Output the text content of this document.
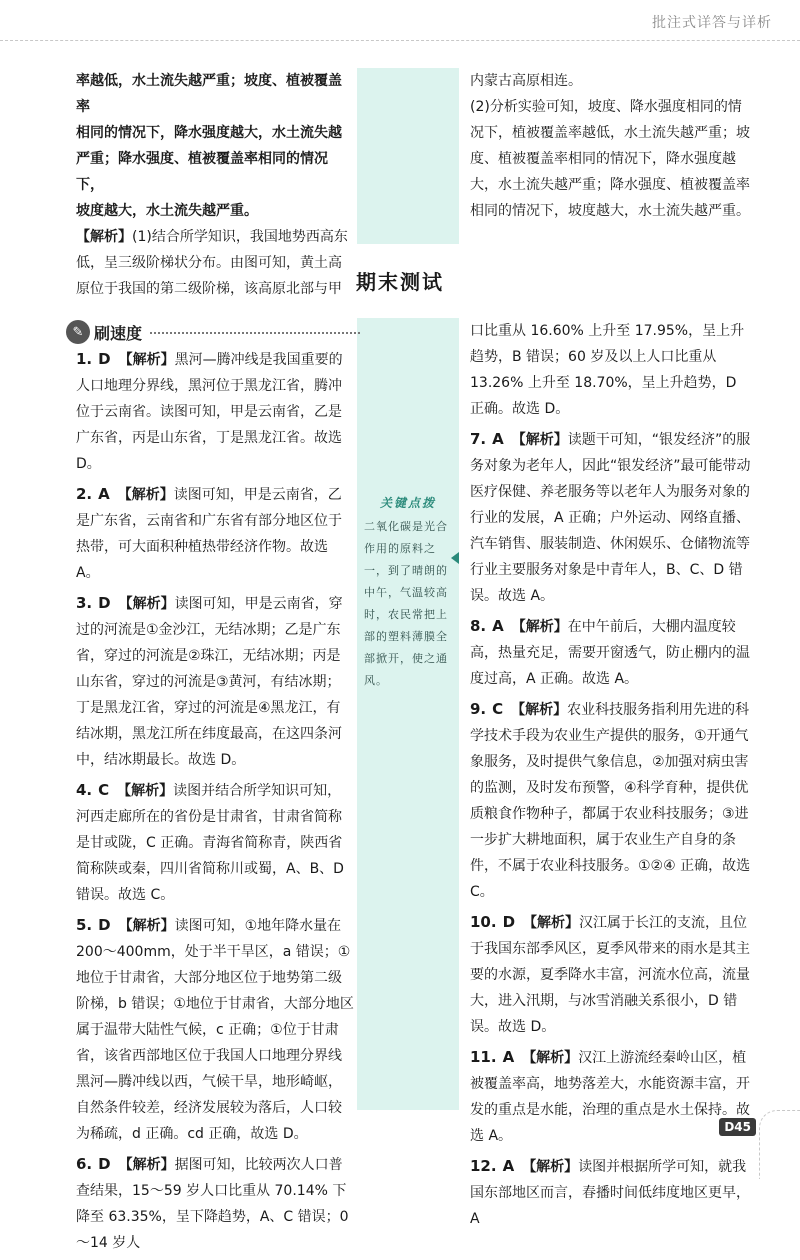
批注式详答与详析

率越低，水土流失越严重；坡度、植被覆盖率

相同的情况下，降水强度越大，水土流失越

严重；降水强度、植被覆盖率相同的情况下，

坡度越大，水土流失越严重。

【解析】(1)结合所学知识，我国地势西高东低，呈三级阶梯状分布。由图可知，黄土高原位于我国的第二级阶梯，该高原北部与甲

内蒙古高原相连。

(2)分析实验可知，坡度、降水强度相同的情况下，植被覆盖率越低，水土流失越严重；坡度、植被覆盖率相同的情况下，降水强度越大，水土流失越严重；降水强度、植被覆盖率相同的情况下，坡度越大，水土流失越严重。

期末测试
✎ 刷速度
1. D 【解析】黑河—腾冲线是我国重要的人口地理分界线，黑河位于黑龙江省，腾冲位于云南省。读图可知，甲是云南省，乙是广东省，丙是山东省，丁是黑龙江省。故选 D。
2. A 【解析】读图可知，甲是云南省，乙是广东省，云南省和广东省有部分地区位于热带，可大面积种植热带经济作物。故选 A。
3. D 【解析】读图可知，甲是云南省，穿过的河流是①金沙江，无结冰期；乙是广东省，穿过的河流是②珠江，无结冰期；丙是山东省，穿过的河流是③黄河，有结冰期；丁是黑龙江省，穿过的河流是④黑龙江，有结冰期，黑龙江所在纬度最高，在这四条河中，结冰期最长。故选 D。
4. C 【解析】读图并结合所学知识可知，河西走廊所在的省份是甘肃省，甘肃省简称是甘或陇，C 正确。青海省简称青，陕西省简称陕或秦，四川省简称川或蜀，A、B、D 错误。故选 C。
5. D 【解析】读图可知，①地年降水量在 200～400mm，处于半干旱区，a 错误；①地位于甘肃省，大部分地区位于地势第二级阶梯，b 错误；①地位于甘肃省，大部分地区属于温带大陆性气候，c 正确；①位于甘肃省，该省西部地区位于我国人口地理分界线黑河—腾冲线以西，气候干旱，地形崎岖，自然条件较差，经济发展较为落后，人口较为稀疏，d 正确。cd 正确，故选 D。
6. D 【解析】据图可知，比较两次人口普查结果，15～59 岁人口比重从 70.14% 下降至 63.35%，呈下降趋势，A、C 错误；0～14 岁人
关键点拨
二氧化碳是光合作用的原料之一，到了晴朗的中午，气温较高时，农民常把上部的塑料薄膜全部掀开，使之通风。
口比重从 16.60% 上升至 17.95%，呈上升趋势，B 错误；60 岁及以上人口比重从 13.26% 上升至 18.70%，呈上升趋势，D 正确。故选 D。
7. A 【解析】读题干可知，“银发经济”的服务对象为老年人，因此“银发经济”最可能带动医疗保健、养老服务等以老年人为服务对象的行业的发展，A 正确；户外运动、网络直播、汽车销售、服装制造、休闲娱乐、仓储物流等行业主要服务对象是中青年人，B、C、D 错误。故选 A。
8. A 【解析】在中午前后，大棚内温度较高，热量充足，需要开窗透气，防止棚内的温度过高，A 正确。故选 A。
9. C 【解析】农业科技服务指利用先进的科学技术手段为农业生产提供的服务，①开通气象服务，及时提供气象信息，②加强对病虫害的监测，及时发布预警，④科学育种，提供优质粮食作物种子，都属于农业科技服务；③进一步扩大耕地面积，属于农业生产自身的条件，不属于农业科技服务。①②④ 正确，故选 C。
10. D 【解析】汉江属于长江的支流，且位于我国东部季风区，夏季风带来的雨水是其主要的水源，夏季降水丰富，河流水位高，流量大，进入汛期，与冰雪消融关系很小，D 错误。故选 D。
11. A 【解析】汉江上游流经秦岭山区，植被覆盖率高，地势落差大，水能资源丰富，开发的重点是水能，治理的重点是水土保持。故选 A。
12. A 【解析】读图并根据所学可知，就我国东部地区而言，春播时间低纬度地区更早，A
D45
